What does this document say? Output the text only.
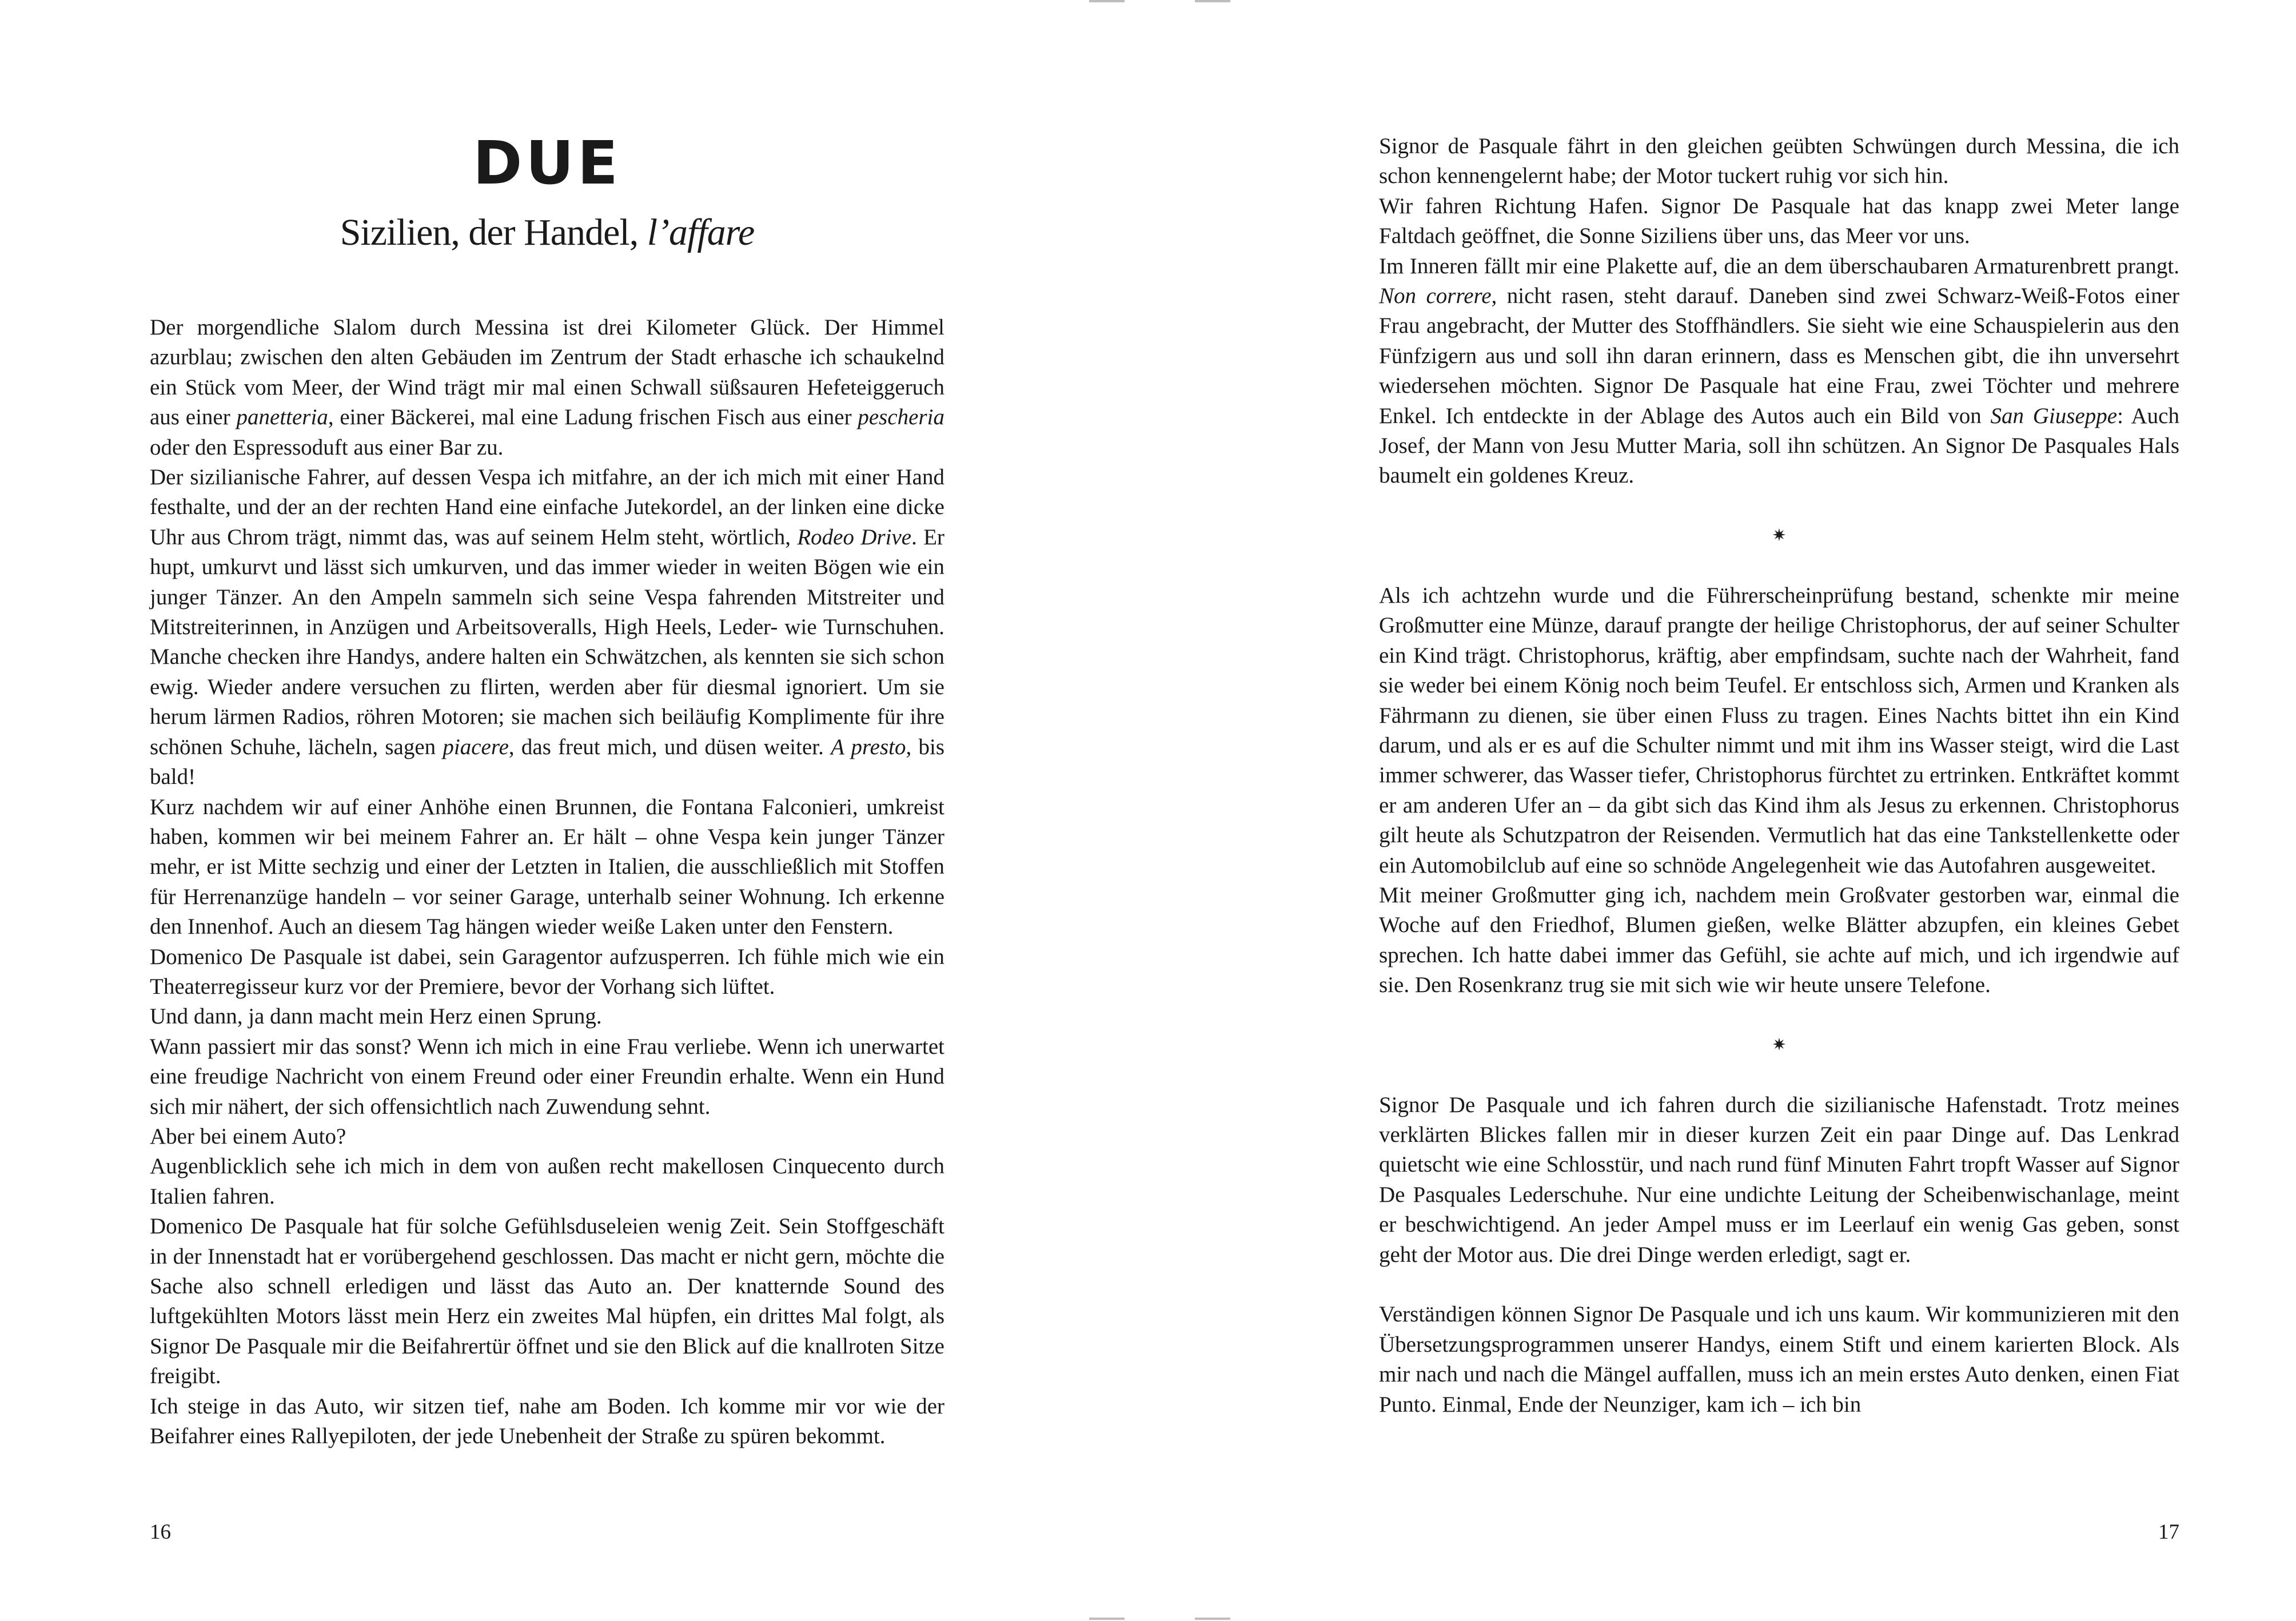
DUE
Sizilien, der Handel, l’affare

Der morgendliche Slalom durch Messina ist drei Kilometer Glück. Der Himmel azurblau; zwischen den alten Gebäuden im Zentrum der Stadt erhasche ich schaukelnd ein Stück vom Meer, der Wind trägt mir mal einen Schwall süßsauren Hefeteiggeruch aus einer panetteria, einer Bäckerei, mal eine Ladung frischen Fisch aus einer pescheria oder den Espressoduft aus einer Bar zu.

Der sizilianische Fahrer, auf dessen Vespa ich mitfahre, an der ich mich mit einer Hand festhalte, und der an der rechten Hand eine einfache Jutekordel, an der linken eine dicke Uhr aus Chrom trägt, nimmt das, was auf seinem Helm steht, wörtlich, Rodeo Drive. Er hupt, umkurvt und lässt sich umkurven, und das immer wieder in weiten Bögen wie ein junger Tänzer. An den Ampeln sammeln sich seine Vespa fahrenden Mitstreiter und Mitstreiterinnen, in Anzügen und Arbeitsoveralls, High Heels, Leder- wie Turnschuhen. Manche checken ihre Handys, andere halten ein Schwätzchen, als kennten sie sich schon ewig. Wieder andere versuchen zu flirten, werden aber für diesmal ignoriert. Um sie herum lärmen Radios, röhren Motoren; sie machen sich beiläufig Komplimente für ihre schönen Schuhe, lächeln, sagen piacere, das freut mich, und düsen weiter. A presto, bis bald!

Kurz nachdem wir auf einer Anhöhe einen Brunnen, die Fontana Falconieri, umkreist haben, kommen wir bei meinem Fahrer an. Er hält – ohne Vespa kein junger Tänzer mehr, er ist Mitte sechzig und einer der Letzten in Italien, die ausschließlich mit Stoffen für Herrenanzüge handeln – vor seiner Garage, unterhalb seiner Wohnung. Ich erkenne den Innenhof. Auch an diesem Tag hängen wieder weiße Laken unter den Fenstern.

Domenico De Pasquale ist dabei, sein Garagentor aufzusperren. Ich fühle mich wie ein Theaterregisseur kurz vor der Premiere, bevor der Vorhang sich lüftet.

Und dann, ja dann macht mein Herz einen Sprung.

Wann passiert mir das sonst? Wenn ich mich in eine Frau verliebe. Wenn ich unerwartet eine freudige Nachricht von einem Freund oder einer Freundin erhalte. Wenn ein Hund sich mir nähert, der sich offensichtlich nach Zuwendung sehnt.

Aber bei einem Auto?

Augenblicklich sehe ich mich in dem von außen recht makellosen Cinquecento durch Italien fahren.

Domenico De Pasquale hat für solche Gefühlsduseleien wenig Zeit. Sein Stoffgeschäft in der Innenstadt hat er vorübergehend geschlossen. Das macht er nicht gern, möchte die Sache also schnell erledigen und lässt das Auto an. Der knatternde Sound des luftgekühlten Motors lässt mein Herz ein zweites Mal hüpfen, ein drittes Mal folgt, als Signor De Pasquale mir die Beifahrertür öffnet und sie den Blick auf die knallroten Sitze freigibt.

Ich steige in das Auto, wir sitzen tief, nahe am Boden. Ich komme mir vor wie der Beifahrer eines Rallyepiloten, der jede Unebenheit der Straße zu spüren bekommt.

16

Signor de Pasquale fährt in den gleichen geübten Schwüngen durch Messina, die ich schon kennengelernt habe; der Motor tuckert ruhig vor sich hin.

Wir fahren Richtung Hafen. Signor De Pasquale hat das knapp zwei Meter lange Faltdach geöffnet, die Sonne Siziliens über uns, das Meer vor uns.

Im Inneren fällt mir eine Plakette auf, die an dem überschaubaren Armaturenbrett prangt. Non correre, nicht rasen, steht darauf. Daneben sind zwei Schwarz-Weiß-Fotos einer Frau angebracht, der Mutter des Stoffhändlers. Sie sieht wie eine Schauspielerin aus den Fünfzigern aus und soll ihn daran erinnern, dass es Menschen gibt, die ihn unversehrt wiedersehen möchten. Signor De Pasquale hat eine Frau, zwei Töchter und mehrere Enkel. Ich entdeckte in der Ablage des Autos auch ein Bild von San Giuseppe: Auch Josef, der Mann von Jesu Mutter Maria, soll ihn schützen. An Signor De Pasquales Hals baumelt ein goldenes Kreuz.

✷

Als ich achtzehn wurde und die Führerscheinprüfung bestand, schenkte mir meine Großmutter eine Münze, darauf prangte der heilige Christophorus, der auf seiner Schulter ein Kind trägt. Christophorus, kräftig, aber empfindsam, suchte nach der Wahrheit, fand sie weder bei einem König noch beim Teufel. Er entschloss sich, Armen und Kranken als Fährmann zu dienen, sie über einen Fluss zu tragen. Eines Nachts bittet ihn ein Kind darum, und als er es auf die Schulter nimmt und mit ihm ins Wasser steigt, wird die Last immer schwerer, das Wasser tiefer, Christophorus fürchtet zu ertrinken. Entkräftet kommt er am anderen Ufer an – da gibt sich das Kind ihm als Jesus zu erkennen. Christophorus gilt heute als Schutzpatron der Reisenden. Vermutlich hat das eine Tankstellenkette oder ein Automobilclub auf eine so schnöde Angelegenheit wie das Autofahren ausgeweitet.

Mit meiner Großmutter ging ich, nachdem mein Großvater gestorben war, einmal die Woche auf den Friedhof, Blumen gießen, welke Blätter abzupfen, ein kleines Gebet sprechen. Ich hatte dabei immer das Gefühl, sie achte auf mich, und ich irgendwie auf sie. Den Rosenkranz trug sie mit sich wie wir heute unsere Telefone.

✷

Signor De Pasquale und ich fahren durch die sizilianische Hafenstadt. Trotz meines verklärten Blickes fallen mir in dieser kurzen Zeit ein paar Dinge auf. Das Lenkrad quietscht wie eine Schlosstür, und nach rund fünf Minuten Fahrt tropft Wasser auf Signor De Pasquales Lederschuhe. Nur eine undichte Leitung der Scheibenwischanlage, meint er beschwichtigend. An jeder Ampel muss er im Leerlauf ein wenig Gas geben, sonst geht der Motor aus. Die drei Dinge werden erledigt, sagt er.

Verständigen können Signor De Pasquale und ich uns kaum. Wir kommunizieren mit den Übersetzungsprogrammen unserer Handys, einem Stift und einem karierten Block. Als mir nach und nach die Mängel auffallen, muss ich an mein erstes Auto denken, einen Fiat Punto. Einmal, Ende der Neunziger, kam ich – ich bin

17
